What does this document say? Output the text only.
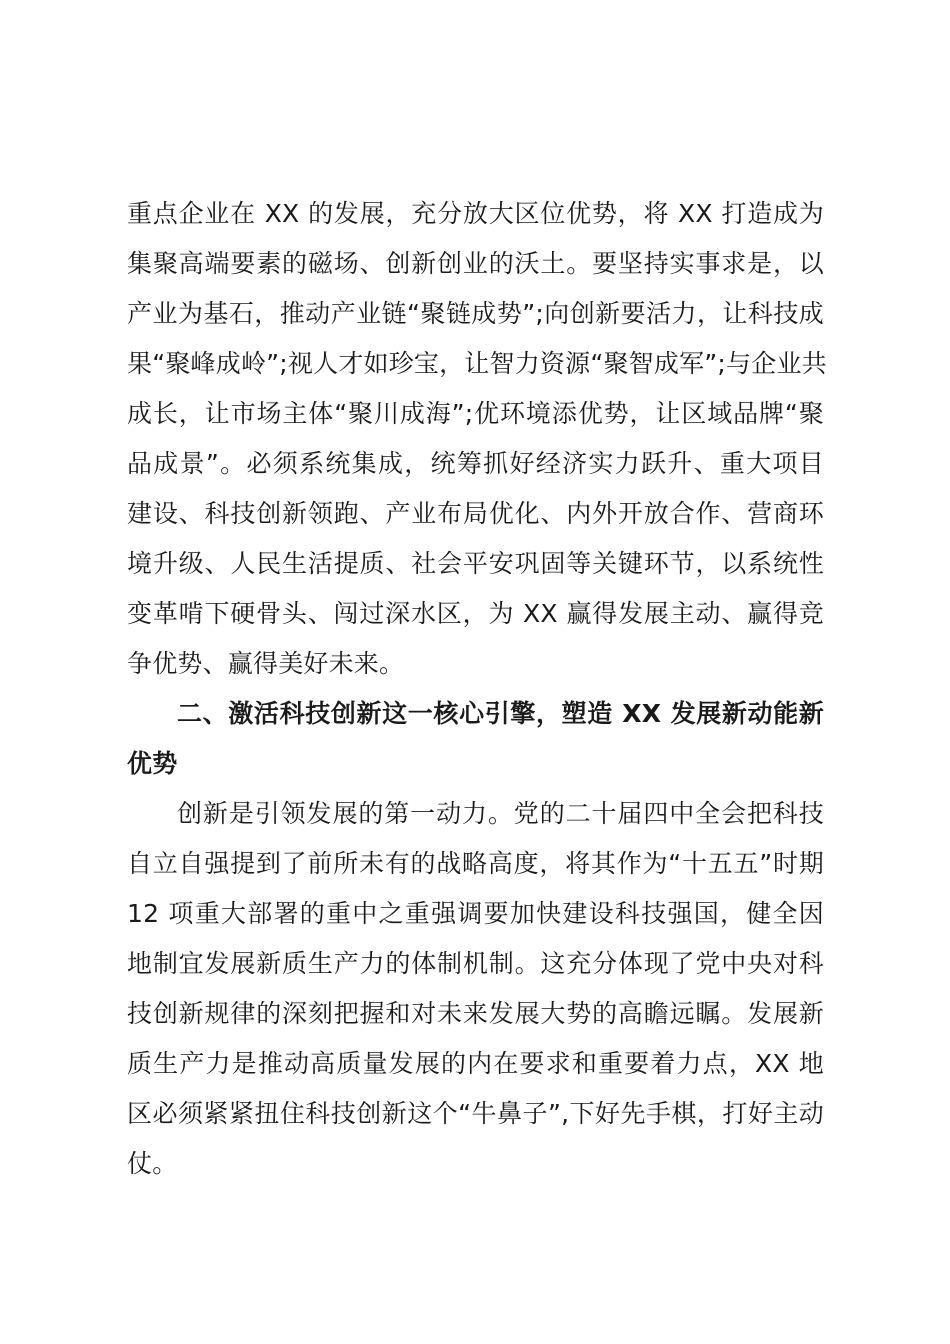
重点企业在 XX 的发展，充分放大区位优势，将 XX 打造成为
集聚高端要素的磁场、创新创业的沃土。要坚持实事求是，以
产业为基石，推动产业链“聚链成势”;向创新要活力，让科技成
果“聚峰成岭”;视人才如珍宝，让智力资源“聚智成军”;与企业共
成长，让市场主体“聚川成海”;优环境添优势，让区域品牌“聚
品成景”。必须系统集成，统筹抓好经济实力跃升、重大项目
建设、科技创新领跑、产业布局优化、内外开放合作、营商环
境升级、人民生活提质、社会平安巩固等关键环节，以系统性
变革啃下硬骨头、闯过深水区，为 XX 赢得发展主动、赢得竞
争优势、赢得美好未来。
二、激活科技创新这一核心引擎，塑造 XX 发展新动能新
优势
创新是引领发展的第一动力。党的二十届四中全会把科技
自立自强提到了前所未有的战略高度，将其作为“十五五”时期
12 项重大部署的重中之重强调要加快建设科技强国，健全因
地制宜发展新质生产力的体制机制。这充分体现了党中央对科
技创新规律的深刻把握和对未来发展大势的高瞻远瞩。发展新
质生产力是推动高质量发展的内在要求和重要着力点，XX 地
区必须紧紧扭住科技创新这个“牛鼻子”,下好先手棋，打好主动
仗。
